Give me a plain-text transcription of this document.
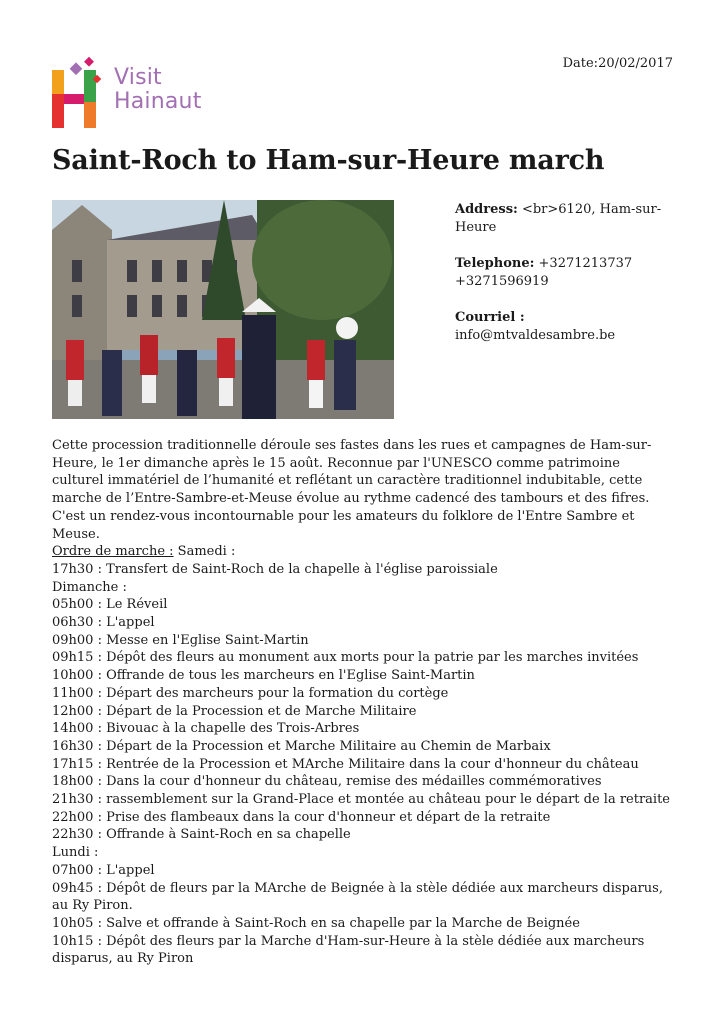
Date:20/02/2017
Visit
Hainaut
Saint-Roch to Ham-sur-Heure march

Address: <br>6120, Ham-sur-Heure

Telephone: +3271213737 +3271596919

Courriel : info@mtvaldesambre.be

Cette procession traditionnelle déroule ses fastes dans les rues et campagnes de Ham-sur-Heure, le 1er dimanche après le 15 août. Reconnue par l'UNESCO comme patrimoine culturel immatériel de l’humanité et reflétant un caractère traditionnel indubitable, cette marche de l’Entre-Sambre-et-Meuse évolue au rythme cadencé des tambours et des fifres. C'est un rendez-vous incontournable pour les amateurs du folklore de l'Entre Sambre et Meuse.

Ordre de marche : Samedi :

17h30 : Transfert de Saint-Roch de la chapelle à l'église paroissiale

Dimanche :

05h00 : Le Réveil

06h30 : L'appel

09h00 : Messe en l'Eglise Saint-Martin

09h15 : Dépôt des fleurs au monument aux morts pour la patrie par les marches invitées

10h00 : Offrande de tous les marcheurs en l'Eglise Saint-Martin

11h00 : Départ des marcheurs pour la formation du cortège

12h00 : Départ de la Procession et de Marche Militaire

14h00 : Bivouac à la chapelle des Trois-Arbres

16h30 : Départ de la Procession et Marche Militaire au Chemin de Marbaix

17h15 : Rentrée de la Procession et MArche Militaire dans la cour d'honneur du château

18h00 : Dans la cour d'honneur du château, remise des médailles commémoratives

21h30 : rassemblement sur la Grand-Place et montée au château pour le départ de la retraite

22h00 : Prise des flambeaux dans la cour d'honneur et départ de la retraite

22h30 : Offrande à Saint-Roch en sa chapelle

Lundi :

07h00 : L'appel

09h45 : Dépôt de fleurs par la MArche de Beignée à la stèle dédiée aux marcheurs disparus, au Ry Piron.

10h05 : Salve et offrande à Saint-Roch en sa chapelle par la Marche de Beignée

10h15 : Dépôt des fleurs par la Marche d'Ham-sur-Heure à la stèle dédiée aux marcheurs disparus, au Ry Piron
